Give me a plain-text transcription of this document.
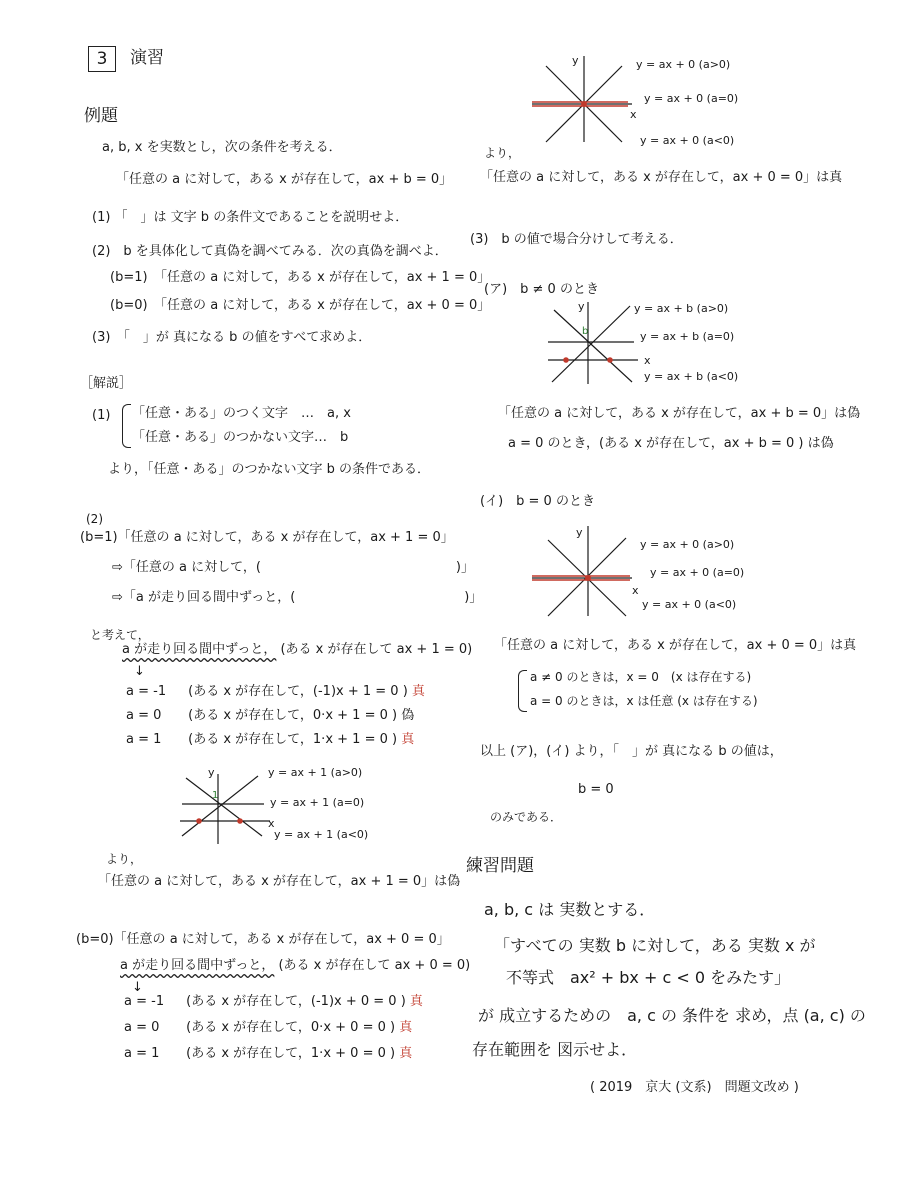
3	演習
例題
a, b, x を実数とし，次の条件を考える．
「任意の a に対して，ある x が存在して，ax + b = 0」
(1) 「　」は 文字 b の条件文であることを説明せよ．
(2)　b を具体化して真偽を調べてみる．次の真偽を調べよ．
(b=1)　「任意の a に対して，ある x が存在して，ax + 1 = 0」
(b=0)　「任意の a に対して，ある x が存在して，ax + 0 = 0」
(3)　「　」が 真になる b の値をすべて求めよ．
［解説］
(1) 「任意・ある」のつく文字　…　a, x
「任意・ある」のつかない文字…　b
より，「任意・ある」のつかない文字 b の条件である．
(2)
(b=1)「任意の a に対して，ある x が存在して，ax + 1 = 0」
⇨「任意の a に対して，(　　　　　　　　　　　　　　　)」
⇨「a が走り回る間中ずっと，(　　　　　　　　　　　　　)」
と考えて，
a が走り回る間中ずっと， (ある x が存在して ax + 1 = 0)
↓
a = -1 (ある x が存在して，(-1)x + 1 = 0 ) 真
a = 0 (ある x が存在して，0·x + 1 = 0 ) 偽
a = 1 (ある x が存在して，1·x + 1 = 0 ) 真
y
x
1
y = ax + 1 (a>0)
y = ax + 1 (a=0)
y = ax + 1 (a<0)
より，
「任意の a に対して，ある x が存在して，ax + 1 = 0」は偽
(b=0)「任意の a に対して，ある x が存在して，ax + 0 = 0」
a が走り回る間中ずっと， (ある x が存在して ax + 0 = 0)
↓
a = -1 (ある x が存在して，(-1)x + 0 = 0 ) 真
a = 0 (ある x が存在して，0·x + 0 = 0 ) 真
a = 1 (ある x が存在して，1·x + 0 = 0 ) 真
y
x
y = ax + 0 (a>0)
y = ax + 0 (a=0)
y = ax + 0 (a<0)
より，
「任意の a に対して，ある x が存在して，ax + 0 = 0」は真
(3)　b の値で場合分けして考える．
(ア)　b ≠ 0 のとき
y
x
b
y = ax + b (a>0)
y = ax + b (a=0)
y = ax + b (a<0)
「任意の a に対して，ある x が存在して，ax + b = 0」は偽
a = 0 のとき，(ある x が存在して，ax + b = 0 ) は偽
(イ)　b = 0 のとき
y
x
y = ax + 0 (a>0)
y = ax + 0 (a=0)
y = ax + 0 (a<0)
「任意の a に対して，ある x が存在して，ax + 0 = 0」は真
a ≠ 0 のときは，x = 0　(x は存在する)
a = 0 のときは，x は任意 (x は存在する)
以上 (ア)，(イ) より，「　」が 真になる b の値は，
b = 0
のみである．
練習問題
a, b, c は 実数とする．
「すべての 実数 b に対して，ある 実数 x が
不等式　ax² + bx + c < 0 をみたす」
が 成立するための　a, c の 条件を 求め，点 (a, c) の
存在範囲を 図示せよ．
( 2019　京大 (文系)　問題文改め )
